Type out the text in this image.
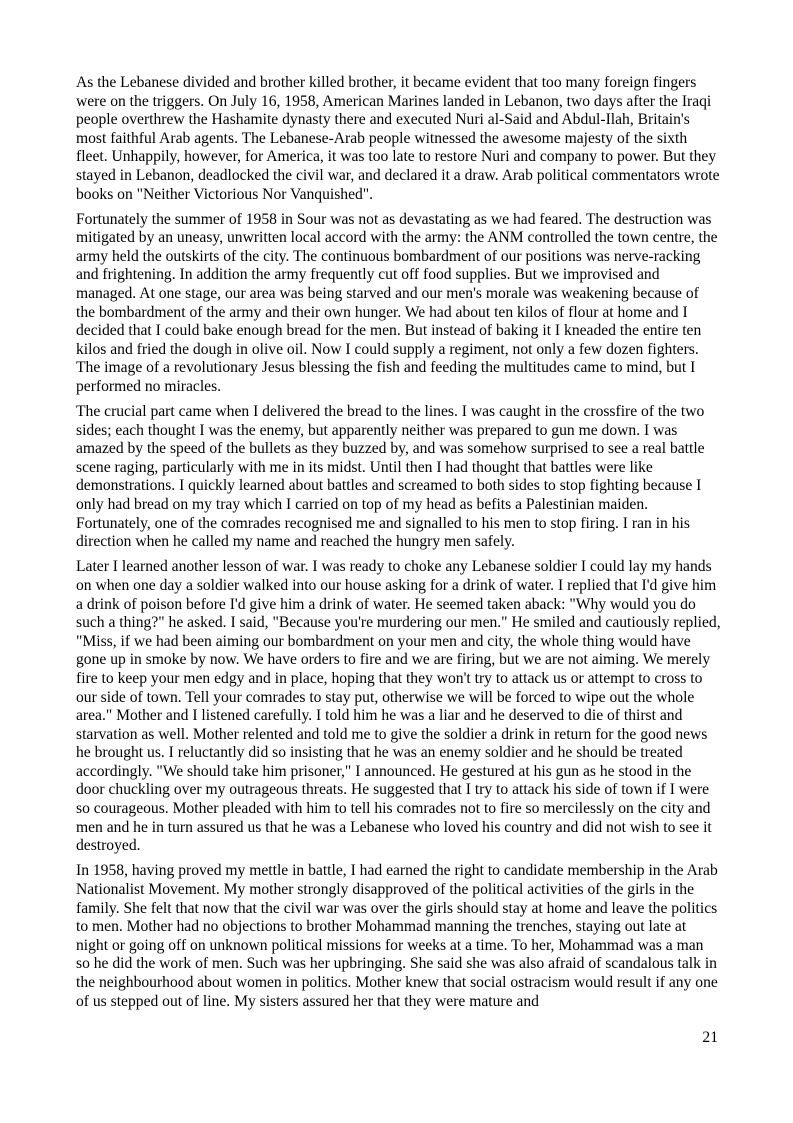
As the Lebanese divided and brother killed brother, it became evident that too many foreign fingers were on the triggers. On July 16, 1958, American Marines landed in Lebanon, two days after the Iraqi people overthrew the Hashamite dynasty there and executed Nuri al-Said and Abdul-Ilah, Britain's most faithful Arab agents. The Lebanese-Arab people witnessed the awesome majesty of the sixth fleet. Unhappily, however, for America, it was too late to restore Nuri and company to power. But they stayed in Lebanon, deadlocked the civil war, and declared it a draw. Arab political commentators wrote books on "Neither Victorious Nor Vanquished".

Fortunately the summer of 1958 in Sour was not as devastating as we had feared. The destruction was mitigated by an uneasy, unwritten local accord with the army: the ANM controlled the town centre, the army held the outskirts of the city. The continuous bombardment of our positions was nerve-racking and frightening. In addition the army frequently cut off food supplies. But we improvised and managed. At one stage, our area was being starved and our men's morale was weakening because of the bombardment of the army and their own hunger. We had about ten kilos of flour at home and I decided that I could bake enough bread for the men. But instead of baking it I kneaded the entire ten kilos and fried the dough in olive oil. Now I could supply a regiment, not only a few dozen fighters. The image of a revolutionary Jesus blessing the fish and feeding the multitudes came to mind, but I performed no miracles.

The crucial part came when I delivered the bread to the lines. I was caught in the crossfire of the two sides; each thought I was the enemy, but apparently neither was prepared to gun me down. I was amazed by the speed of the bullets as they buzzed by, and was somehow surprised to see a real battle scene raging, particularly with me in its midst. Until then I had thought that battles were like demonstrations. I quickly learned about battles and screamed to both sides to stop fighting because I only had bread on my tray which I carried on top of my head as befits a Palestinian maiden. Fortunately, one of the comrades recognised me and signalled to his men to stop firing. I ran in his direction when he called my name and reached the hungry men safely.

Later I learned another lesson of war. I was ready to choke any Lebanese soldier I could lay my hands on when one day a soldier walked into our house asking for a drink of water. I replied that I'd give him a drink of poison before I'd give him a drink of water. He seemed taken aback: "Why would you do such a thing?" he asked. I said, "Because you're murdering our men." He smiled and cautiously replied, "Miss, if we had been aiming our bombardment on your men and city, the whole thing would have gone up in smoke by now. We have orders to fire and we are firing, but we are not aiming. We merely fire to keep your men edgy and in place, hoping that they won't try to attack us or attempt to cross to our side of town. Tell your comrades to stay put, otherwise we will be forced to wipe out the whole area." Mother and I listened carefully. I told him he was a liar and he deserved to die of thirst and starvation as well. Mother relented and told me to give the soldier a drink in return for the good news he brought us. I reluctantly did so insisting that he was an enemy soldier and he should be treated accordingly. "We should take him prisoner," I announced. He gestured at his gun as he stood in the door chuckling over my outrageous threats. He suggested that I try to attack his side of town if I were so courageous. Mother pleaded with him to tell his comrades not to fire so mercilessly on the city and men and he in turn assured us that he was a Lebanese who loved his country and did not wish to see it destroyed.

In 1958, having proved my mettle in battle, I had earned the right to candidate membership in the Arab Nationalist Movement. My mother strongly disapproved of the political activities of the girls in the family. She felt that now that the civil war was over the girls should stay at home and leave the politics to men. Mother had no objections to brother Mohammad manning the trenches, staying out late at night or going off on unknown political missions for weeks at a time. To her, Mohammad was a man so he did the work of men. Such was her upbringing. She said she was also afraid of scandalous talk in the neighbourhood about women in politics. Mother knew that social ostracism would result if any one of us stepped out of line. My sisters assured her that they were mature and

21
